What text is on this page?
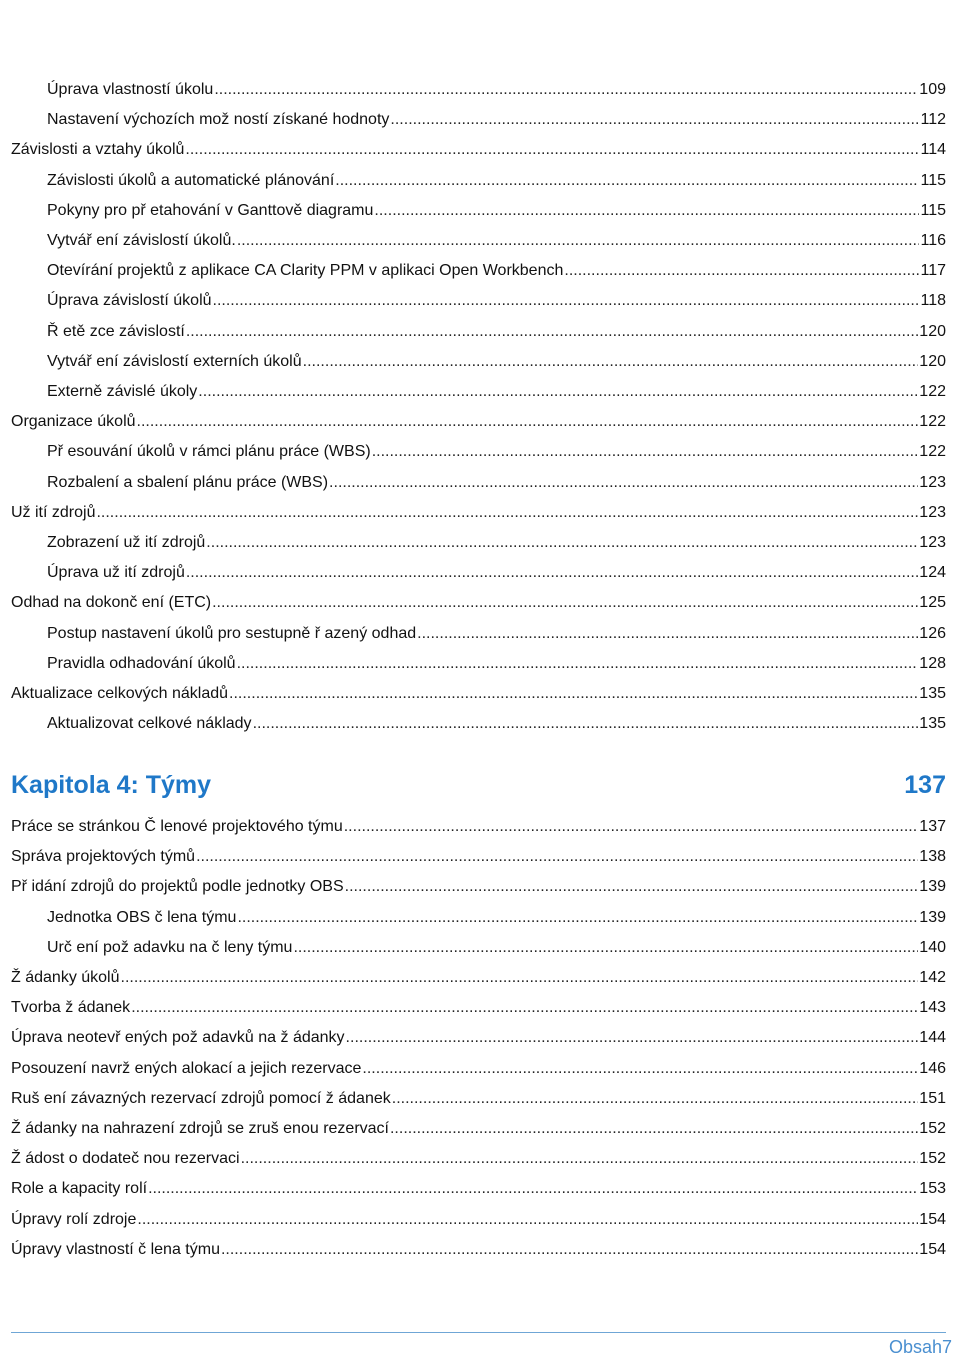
Úprava vlastností úkolu .....	109
Nastavení výchozích mož ností získané hodnoty .....	112
Závislosti a vztahy úkolů .....	114
Závislosti úkolů a automatické plánování .....	115
Pokyny pro př etahování v Ganttově diagramu .....	115
Vytvář ení závislostí úkolů. .....	116
Otevírání projektů z aplikace CA Clarity PPM v aplikaci Open Workbench .....	117
Úprava závislostí úkolů .....	118
Ř etě zce závislostí .....	120
Vytvář ení závislostí externích úkolů .....	120
Externě závislé úkoly .....	122
Organizace úkolů .....	122
Př esouvání úkolů v rámci plánu práce (WBS) .....	122
Rozbalení a sbalení plánu práce (WBS) .....	123
Už ití zdrojů .....	123
Zobrazení už ití zdrojů .....	123
Úprava už ití zdrojů .....	124
Odhad na dokonč ení (ETC) .....	125
Postup nastavení úkolů pro sestupně ř azený odhad .....	126
Pravidla odhadování úkolů .....	128
Aktualizace celkových nákladů .....	135
Aktualizovat celkové náklady .....	135
Kapitola 4: Týmy	137
Práce se stránkou Č lenové projektového týmu .....	137
Správa projektových týmů .....	138
Př idání zdrojů do projektů podle jednotky OBS .....	139
Jednotka OBS č lena týmu .....	139
Urč ení pož adavku na č leny týmu .....	140
Ž ádanky úkolů .....	142
Tvorba ž ádanek .....	143
Úprava neotevř ených pož adavků na ž ádanky .....	144
Posouzení navrž ených alokací a jejich rezervace .....	146
Ruš ení závazných rezervací zdrojů pomocí ž ádanek .....	151
Ž ádanky na nahrazení zdrojů se zruš enou rezervací .....	152
Ž ádost o dodateč nou rezervaci .....	152
Role a kapacity rolí .....	153
Úpravy rolí zdroje .....	154
Úpravy vlastností č lena týmu .....	154
Obsah7
